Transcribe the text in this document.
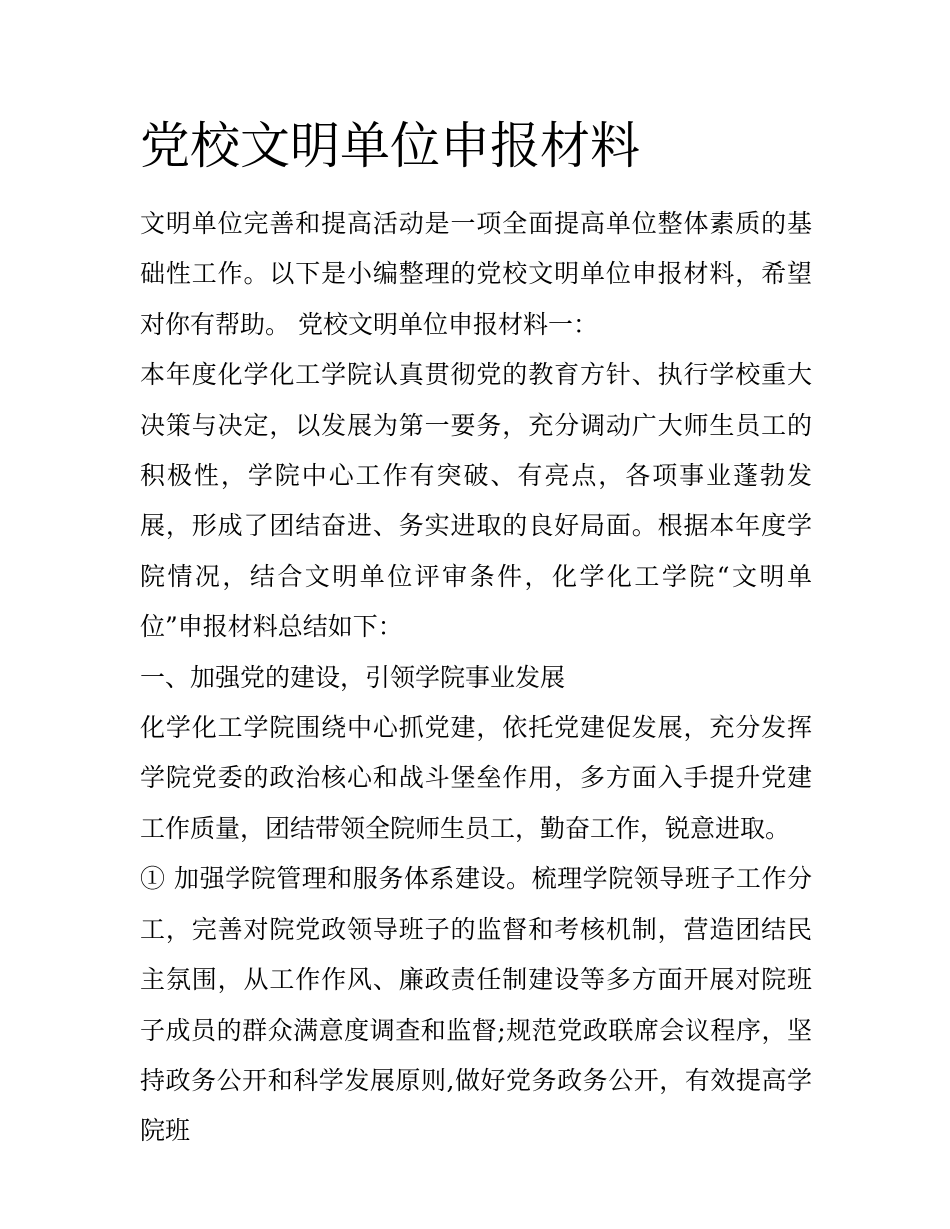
党校文明单位申报材料

文明单位完善和提高活动是一项全面提高单位整体素质的基础性工作。以下是小编整理的党校文明单位申报材料，希望对你有帮助。 党校文明单位申报材料一：

本年度化学化工学院认真贯彻党的教育方针、执行学校重大决策与决定，以发展为第一要务，充分调动广大师生员工的积极性，学院中心工作有突破、有亮点，各项事业蓬勃发展，形成了团结奋进、务实进取的良好局面。根据本年度学院情况，结合文明单位评审条件，化学化工学院“文明单位”申报材料总结如下：

一、加强党的建设，引领学院事业发展

化学化工学院围绕中心抓党建，依托党建促发展，充分发挥学院党委的政治核心和战斗堡垒作用，多方面入手提升党建工作质量，团结带领全院师生员工，勤奋工作，锐意进取。

① 加强学院管理和服务体系建设。梳理学院领导班子工作分工，完善对院党政领导班子的监督和考核机制，营造团结民主氛围，从工作作风、廉政责任制建设等多方面开展对院班子成员的群众满意度调查和监督;规范党政联席会议程序，坚持政务公开和科学发展原则,做好党务政务公开，有效提高学院班
